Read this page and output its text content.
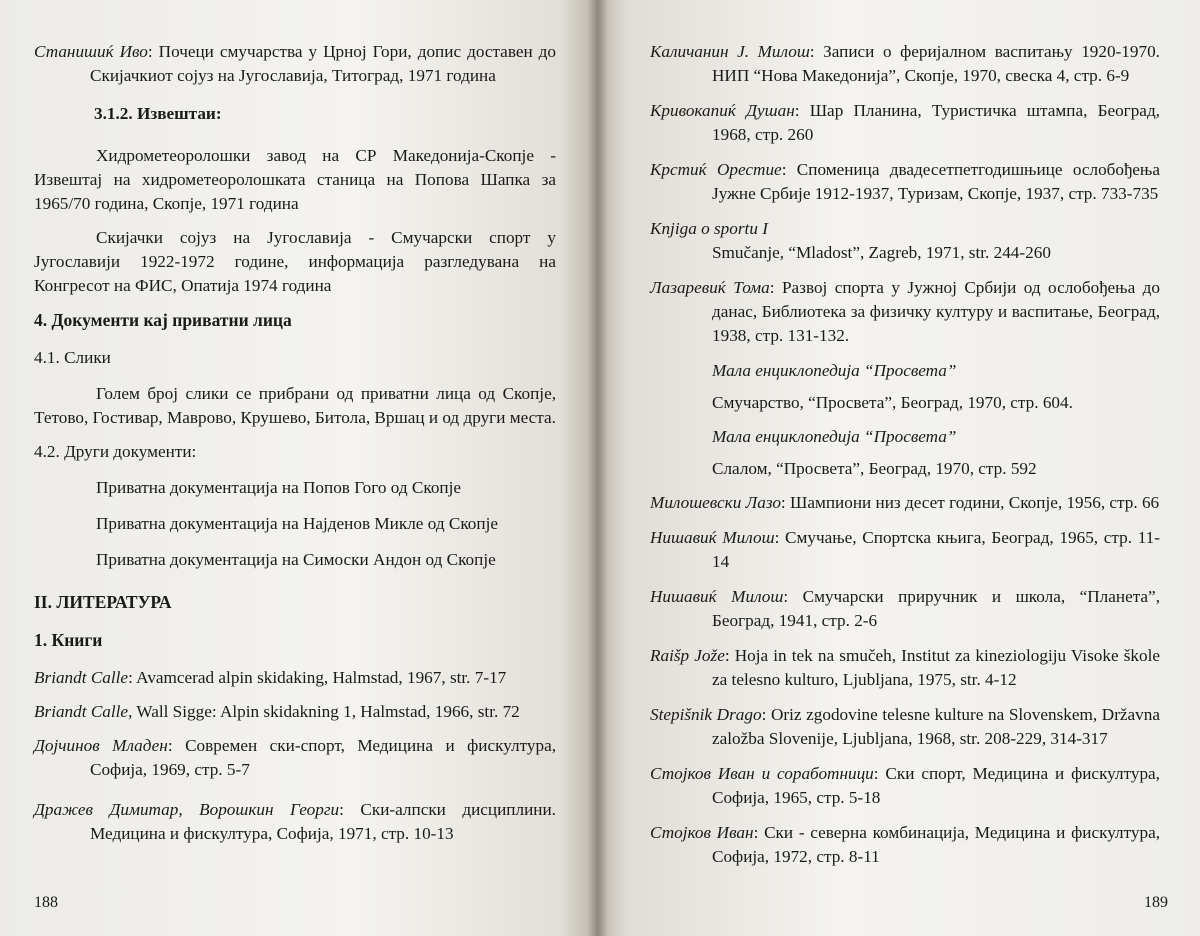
Станишиќ Иво: Почеци смучарства у Црној Гори, допис доставен до Скијачкиот сојуз на Југославија, Титоград, 1971 година

3.1.2. Извештаи:

Хидрометеоролошки завод на СР Македонија-Скопје - Извештај на хидрометеоролошката станица на Попова Шапка за 1965/70 година, Скопје, 1971 година

Скијачки сојуз на Југославија - Смучарски спорт у Југославији 1922-1972 године, информација разгледувана на Конгресот на ФИС, Опатија 1974 година

4. Документи кај приватни лица

4.1. Слики

Голем број слики се прибрани од приватни лица од Скопје, Тетово, Гостивар, Маврово, Крушево, Битола, Вршац и од други места.

4.2. Други документи:

Приватна документација на Попов Гого од Скопје

Приватна документација на Најденов Микле од Скопје

Приватна документација на Симоски Андон од Скопје

II. ЛИТЕРАТУРА

1. Книги

Briandt Calle: Avamcerad alpin skidaking, Halmstad, 1967, str. 7-17

Briandt Calle, Wall Sigge: Alpin skidakning 1, Halmstad, 1966, str. 72

Дојчинов Младен: Современ ски-спорт, Медицина и фискултура, Софија, 1969, стр. 5-7

Дражев Димитар, Ворошкин Георги: Ски-алпски дисциплини. Медицина и фискултура, Софија, 1971, стр. 10-13

188

Каличанин Ј. Милош: Записи о феријалном васпитању 1920-1970. НИП “Нова Македонија”, Скопје, 1970, свеска 4, стр. 6-9

Кривокапиќ Душан: Шар Планина, Туристичка штампа, Београд, 1968, стр. 260

Крстиќ Орестие: Споменица двадесетпетгодишњице ослобођења Јужне Србије 1912-1937, Туризам, Скопје, 1937, стр. 733-735

Knjiga o sportu I
Smučanje, “Mladost”, Zagreb, 1971, str. 244-260

Лазаревиќ Тома: Развој спорта у Јужној Србији од ослобођења до данас, Библиотека за физичку културу и васпитање, Београд, 1938, стр. 131-132.

Мала енциклопедија “Просвета”

Смучарство, “Просвета”, Београд, 1970, стр. 604.

Мала енциклопедија “Просвета”

Слалом, “Просвета”, Београд, 1970, стр. 592

Милошевски Лазо: Шампиони низ десет години, Скопје, 1956, стр. 66

Нишавиќ Милош: Смучање, Спортска књига, Београд, 1965, стр. 11-14

Нишавиќ Милош: Смучарски приручник и школа, “Планета”, Београд, 1941, стр. 2-6

Raišp Jože: Hoja in tek na smučeh, Institut za kineziologiju Visoke škole za telesno kulturo, Ljubljana, 1975, str. 4-12

Stepišnik Drago: Oriz zgodovine telesne kulture na Slovenskem, Državna založba Slovenije, Ljubljana, 1968, str. 208-229, 314-317

Стојков Иван и соработници: Ски спорт, Медицина и фискултура, Софија, 1965, стр. 5-18

Стојков Иван: Ски - северна комбинација, Медицина и фискултура, Софија, 1972, стр. 8-11

189
